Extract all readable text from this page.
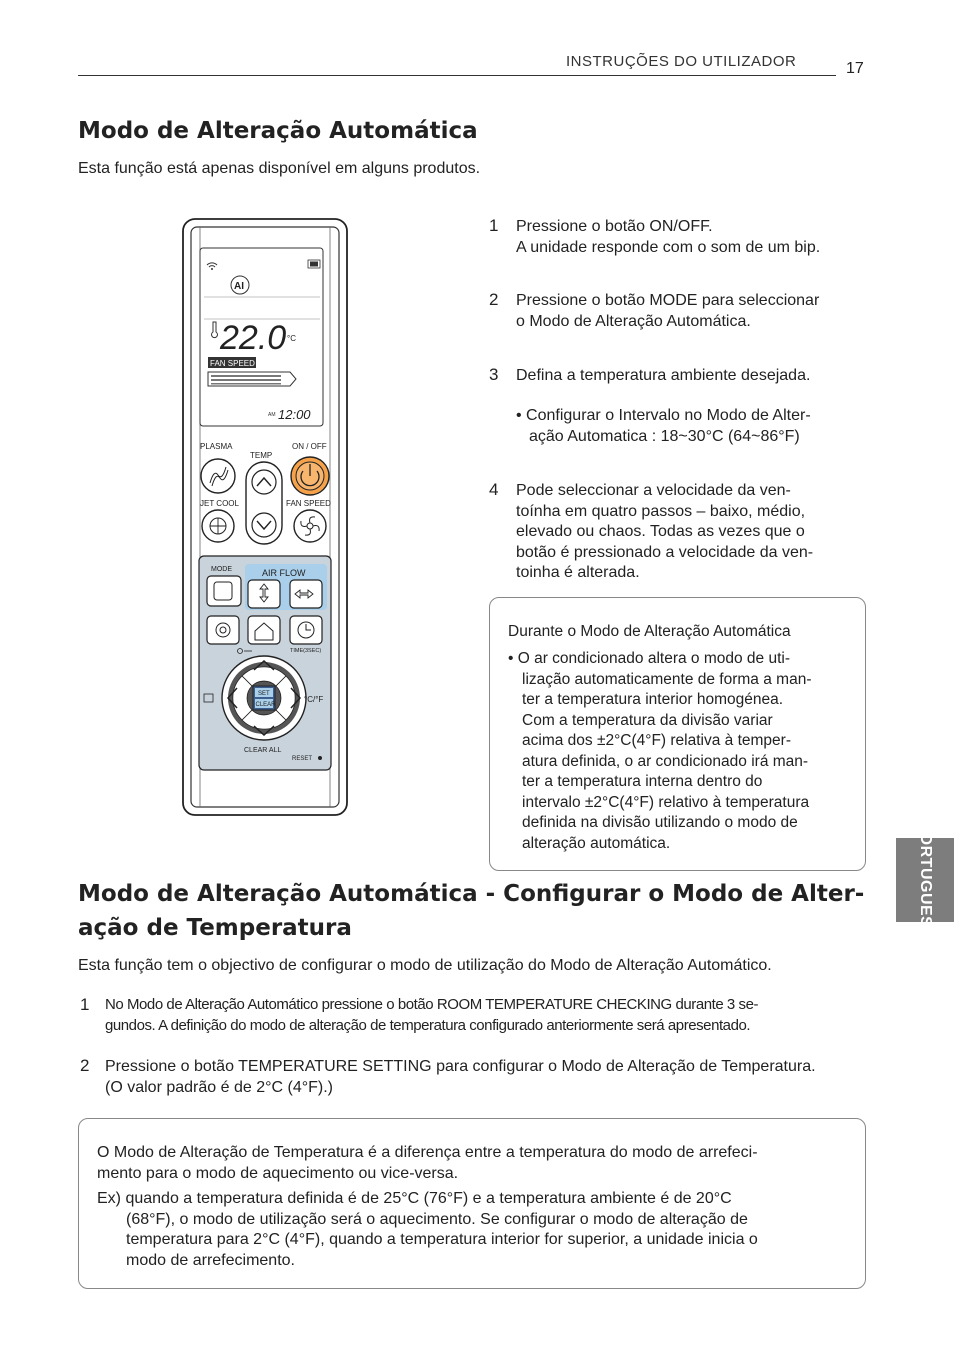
INSTRUÇÕES DO UTILIZADOR	17
PORTUGUESE
Modo de Alteração Automática
Esta função está apenas disponível em alguns produtos.
1 Pressione o botão ON/OFF.
A unidade responde com o som de um bip.
2 Pressione o botão MODE para seleccionar
o Modo de Alteração Automática.
3 Defina a temperatura ambiente desejada.
• Configurar o Intervalo no Modo de Alter-
ação Automatica : 18~30°C (64~86°F)
4 Pode seleccionar a velocidade da ven-
toínha em quatro passos – baixo, médio,
elevado ou chaos. Todas as vezes que o
botão é pressionado a velocidade da ven-
toinha é alterada.
Durante o Modo de Alteração Automática
• O ar condicionado altera o modo de uti-
lização automaticamente de forma a man-
ter a temperatura interior homogénea.
Com a temperatura da divisão variar
acima dos ±2°C(4°F) relativa à temper-
atura definida, o ar condicionado irá man-
ter a temperatura interna dentro do
intervalo ±2°C(4°F) relativo à temperatura
definida na divisão utilizando o modo de
alteração automática.
AI
22.0 °C
FAN SPEED
AM 12:00
PLASMA
TEMP
ON / OFF
JET COOL	FAN SPEED
MODE	AIR FLOW
TIME(3SEC)
SET
CLEAR
°C/°F
CLEAR ALL
RESET
Modo de Alteração Automática - Configurar o Modo de Alter-
ação de Temperatura
Esta função tem o objectivo de configurar o modo de utilização do Modo de Alteração Automático.
1 No Modo de Alteração Automático pressione o botão ROOM TEMPERATURE CHECKING durante 3 se-
gundos. A definição do modo de alteração de temperatura configurado anteriormente será apresentado.
2 Pressione o botão TEMPERATURE SETTING para configurar o Modo de Alteração de Temperatura.
(O valor padrão é de 2°C (4°F).)
O Modo de Alteração de Temperatura é a diferença entre a temperatura do modo de arrefeci-
mento para o modo de aquecimento ou vice-versa.
Ex) quando a temperatura definida é de 25°C (76°F) e a temperatura ambiente é de 20°C
(68°F), o modo de utilização será o aquecimento. Se configurar o modo de alteração de
temperatura para 2°C (4°F), quando a temperatura interior for superior, a unidade inicia o
modo de arrefecimento.
